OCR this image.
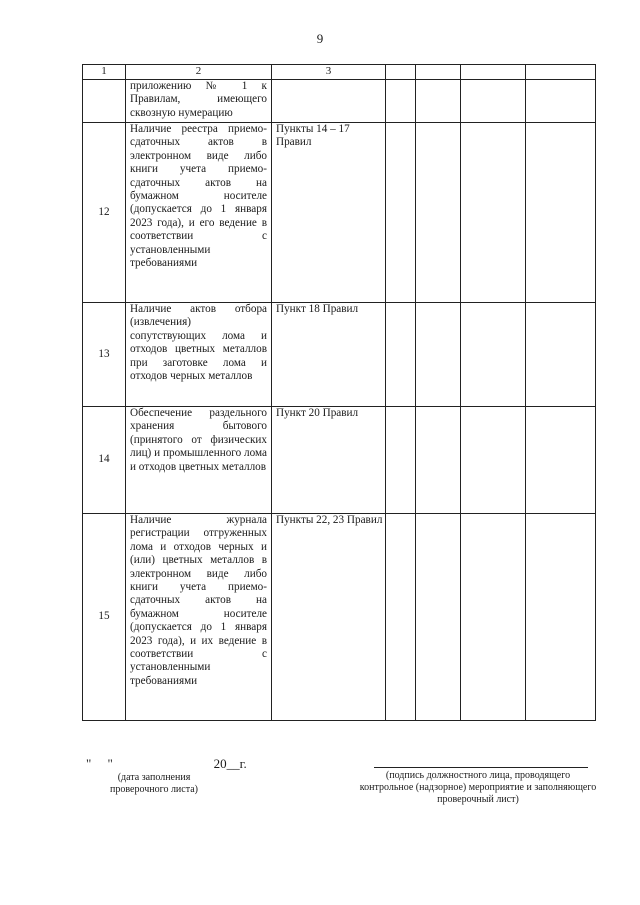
9
1	2	3				
	приложению № 1 к Правилам, имеющего сквозную нумерацию					
12	Наличие реестра приемо-сдаточных актов в электронном виде либо книги учета приемо-сдаточных актов на бумажном носителе (допускается до 1 января 2023 года), и его ведение в соответствии с установленными требованиями	Пункты 14 – 17 Правил				
13	Наличие актов отбора (извлечения) сопутствующих лома и отходов цветных металлов при заготовке лома и отходов черных металлов	Пункт 18 Правил				
14	Обеспечение раздельного хранения бытового (принятого от физических лиц) и промышленного лома и отходов цветных металлов	Пункт 20 Правил				
15	Наличие журнала регистрации отгруженных лома и отходов черных и (или) цветных металлов в электронном виде либо книги учета приемо-сдаточных актов на бумажном носителе (допускается до 1 января 2023 года), и их ведение в соответствии с установленными требованиями	Пункты 22, 23 Правил				
"     "                               20__г.
(дата заполнения проверочного листа)
(подпись должностного лица, проводящего контрольное (надзорное) мероприятие и заполняющего проверочный лист)
